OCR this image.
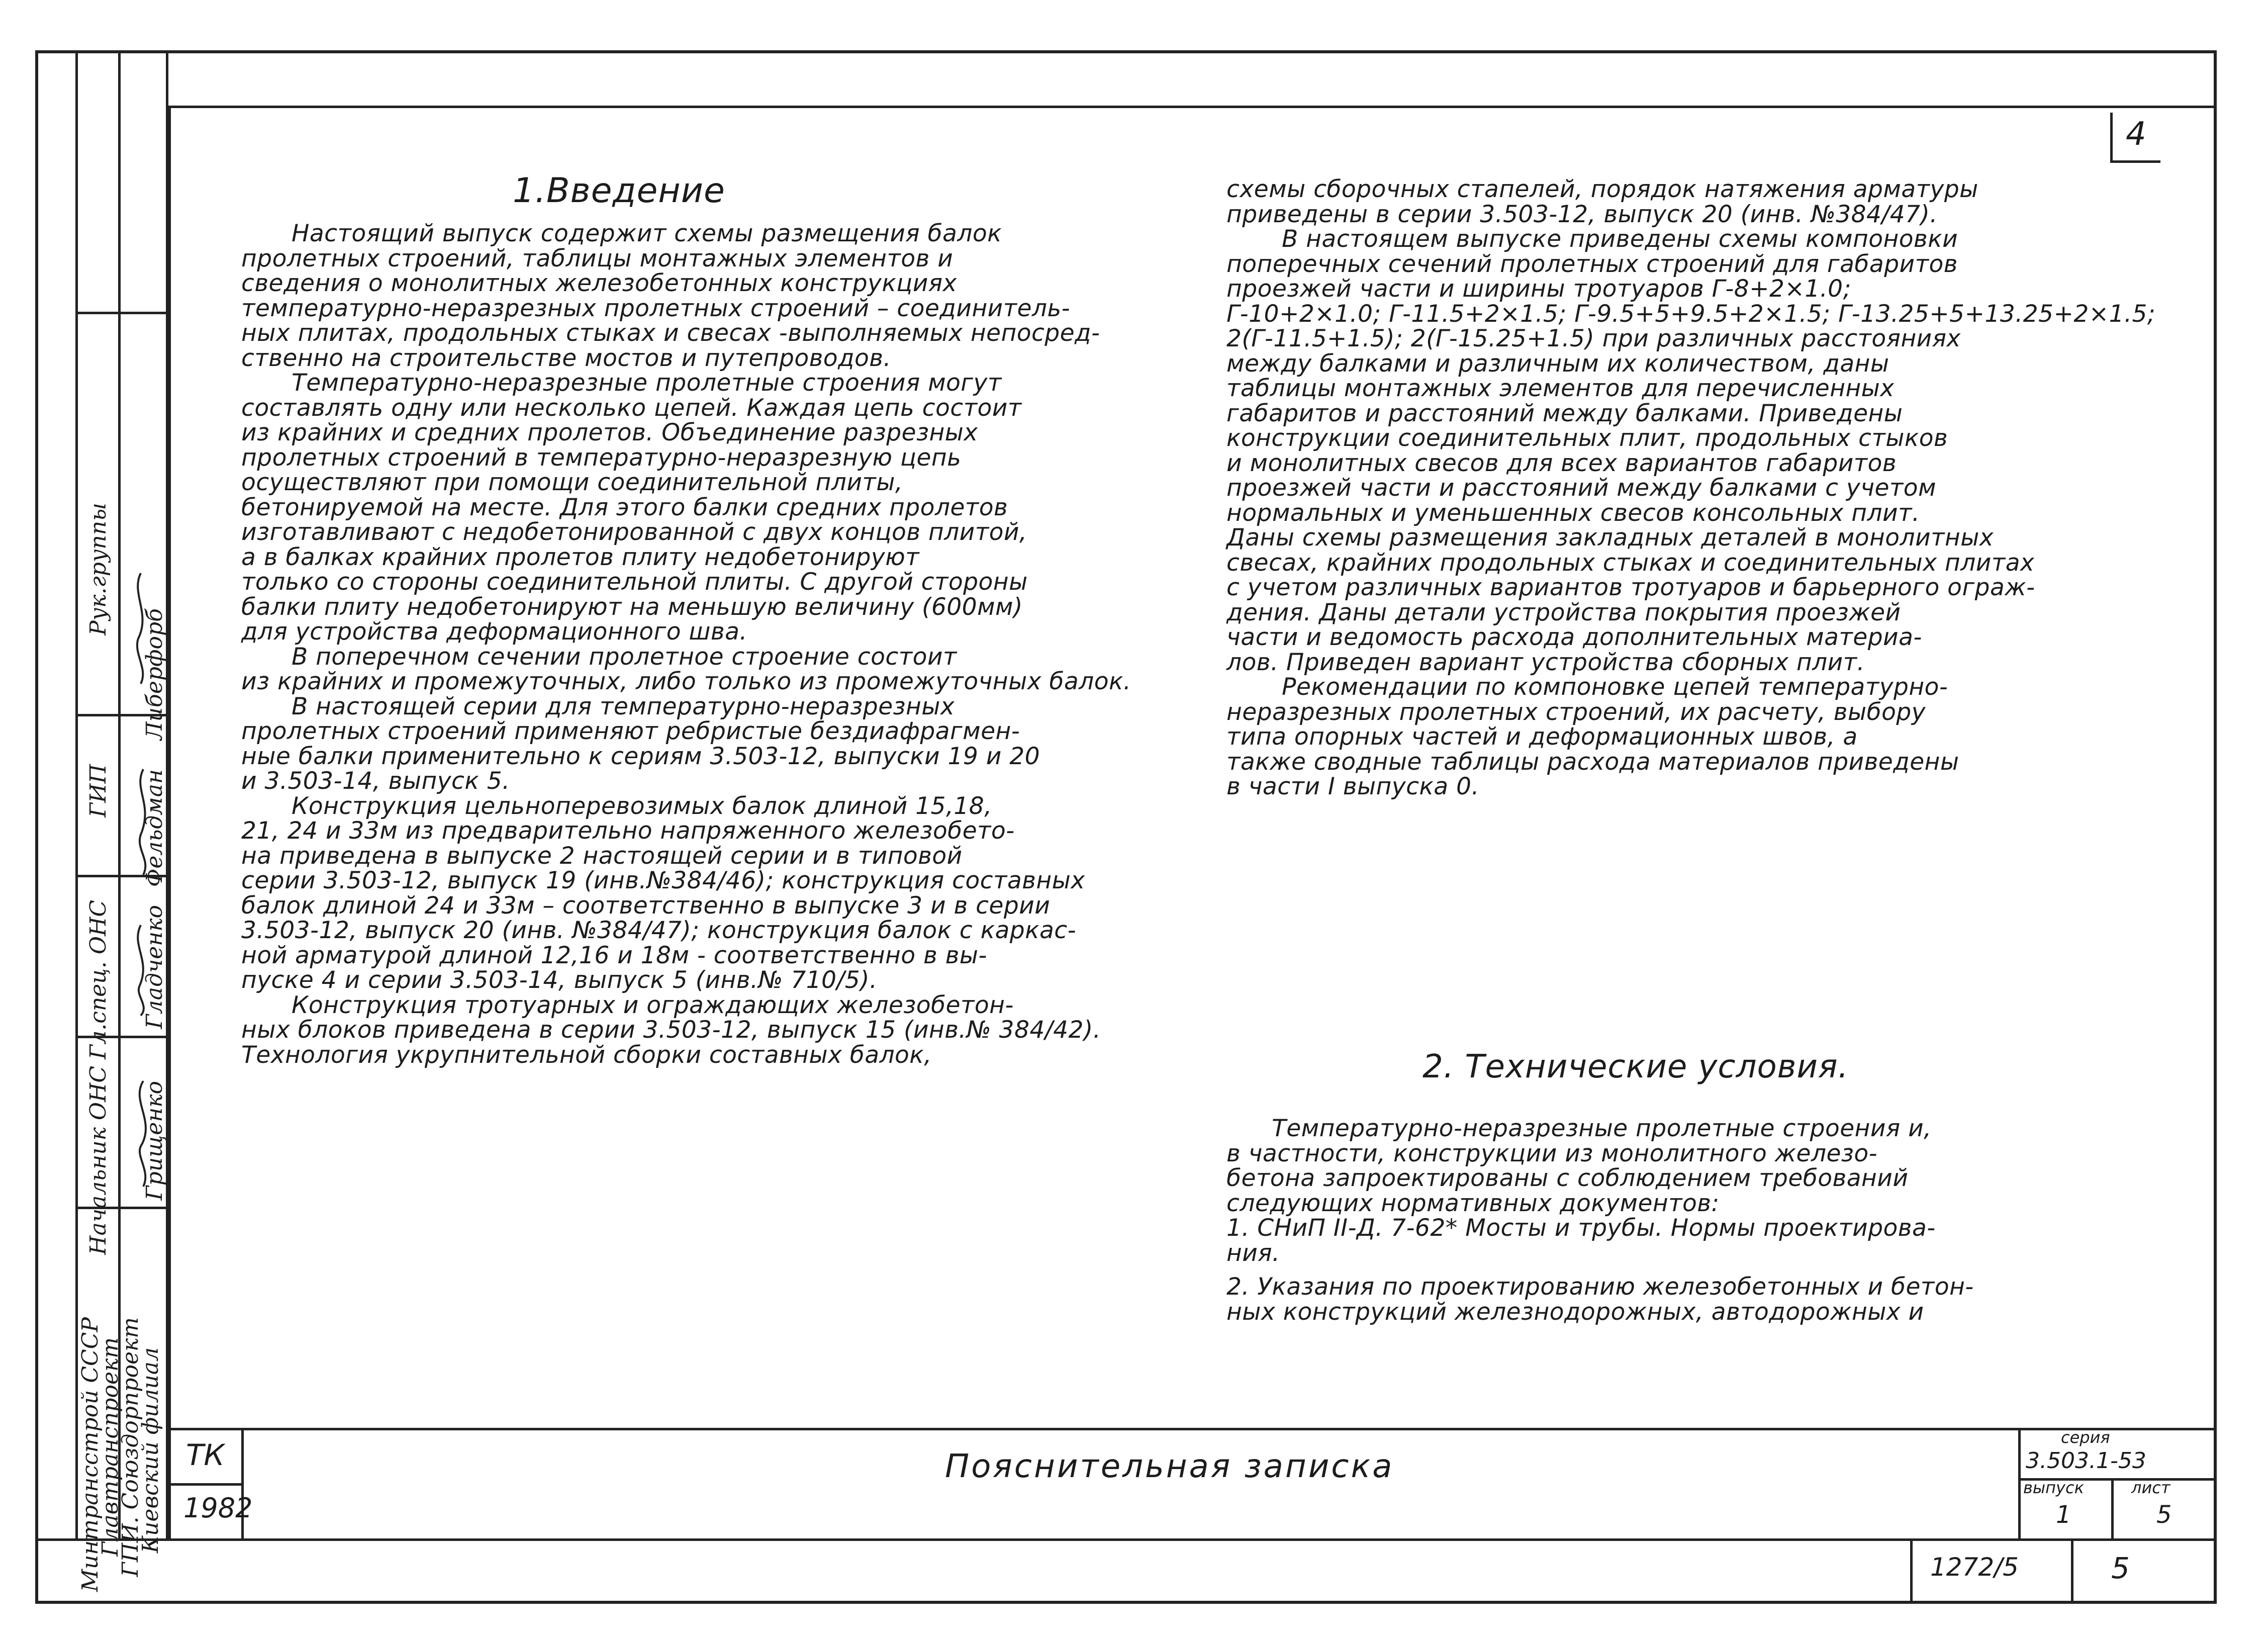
4
Минтрансстрой СССР
Главтранспроект
ГПИ. Союздорпроект
Киевский филиал
Рук.группы
ГИП
Гл.спец. ОНС
Начальник ОНС
Либерфорб
Фельдман
Гладченко
Грищенко
1.Введение
Настоящий выпуск содержит схемы размещения балок
пролетных строений, таблицы монтажных элементов и
сведения о монолитных железобетонных конструкциях
температурно-неразрезных пролетных строений – соединитель-
ных плитах, продольных стыках и свесах -выполняемых непосред-
ственно на строительстве мостов и путепроводов.
Температурно-неразрезные пролетные строения могут
составлять одну или несколько цепей. Каждая цепь состоит
из крайних и средних пролетов. Объединение разрезных
пролетных строений в температурно-неразрезную цепь
осуществляют при помощи соединительной плиты,
бетонируемой на месте. Для этого балки средних пролетов
изготавливают с недобетонированной с двух концов плитой,
а в балках крайних пролетов плиту недобетонируют
только со стороны соединительной плиты. С другой стороны
балки плиту недобетонируют на меньшую величину (600мм)
для устройства деформационного шва.
В поперечном сечении пролетное строение состоит
из крайних и промежуточных, либо только из промежуточных балок.
В настоящей серии для температурно-неразрезных
пролетных строений применяют ребристые бездиафрагмен-
ные балки применительно к сериям 3.503-12, выпуски 19 и 20
и 3.503-14, выпуск 5.
Конструкция цельноперевозимых балок длиной 15,18,
21, 24 и 33м из предварительно напряженного железобето-
на приведена в выпуске 2 настоящей серии и в типовой
серии 3.503-12, выпуск 19 (инв.№384/46); конструкция составных
балок длиной 24 и 33м – соответственно в выпуске 3 и в серии
3.503-12, выпуск 20 (инв. №384/47); конструкция балок с каркас-
ной арматурой длиной 12,16 и 18м - соответственно в вы-
пуске 4 и серии 3.503-14, выпуск 5 (инв.№ 710/5).
Конструкция тротуарных и ограждающих железобетон-
ных блоков приведена в серии 3.503-12, выпуск 15 (инв.№ 384/42).
Технология укрупнительной сборки составных балок,
схемы сборочных стапелей, порядок натяжения арматуры
приведены в серии 3.503-12, выпуск 20 (инв. №384/47).
В настоящем выпуске приведены схемы компоновки
поперечных сечений пролетных строений для габаритов
проезжей части и ширины тротуаров Г-8+2×1.0;
Г-10+2×1.0; Г-11.5+2×1.5; Г-9.5+5+9.5+2×1.5; Г-13.25+5+13.25+2×1.5;
2(Г-11.5+1.5); 2(Г-15.25+1.5) при различных расстояниях
между балками и различным их количеством, даны
таблицы монтажных элементов для перечисленных
габаритов и расстояний между балками. Приведены
конструкции соединительных плит, продольных стыков
и монолитных свесов для всех вариантов габаритов
проезжей части и расстояний между балками с учетом
нормальных и уменьшенных свесов консольных плит.
Даны схемы размещения закладных деталей в монолитных
свесах, крайних продольных стыках и соединительных плитах
с учетом различных вариантов тротуаров и барьерного ограж-
дения. Даны детали устройства покрытия проезжей
части и ведомость расхода дополнительных материа-
лов. Приведен вариант устройства сборных плит.
Рекомендации по компоновке цепей температурно-
неразрезных пролетных строений, их расчету, выбору
типа опорных частей и деформационных швов, а
также сводные таблицы расхода материалов приведены
в части I выпуска 0.
2. Технические условия.
Температурно-неразрезные пролетные строения и,
в частности, конструкции из монолитного железо-
бетона запроектированы с соблюдением требований
следующих нормативных документов:
1. СНиП II-Д. 7-62* Мосты и трубы. Нормы проектирова-
ния.
2. Указания по проектированию железобетонных и бетон-
ных конструкций железнодорожных, автодорожных и
ТК
1982
Пояснительная записка
серия
3.503.1-53
выпуск
1
лист
5
1272/5	5
